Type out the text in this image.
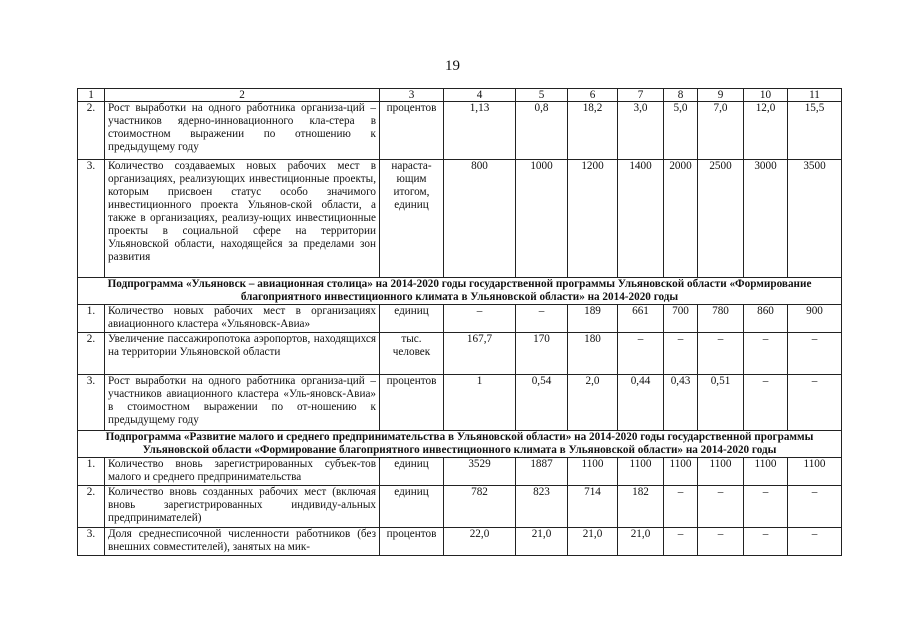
19
1	2	3	4	5	6	7	8	9	10	11
2.	Рост выработки на одного работника организа-ций – участников ядерно-инновационного кла-стера в стоимостном выражении по отношению к предыдущему году	процентов	1,13	0,8	18,2	3,0	5,0	7,0	12,0	15,5
3.	Количество создаваемых новых рабочих мест в организациях, реализующих инвестиционные проекты, которым присвоен статус особо значимого инвестиционного проекта Ульянов-ской области, а также в организациях, реализу-ющих инвестиционные проекты в социальной сфере на территории Ульяновской области, находящейся за пределами зон развития	нараста-ющим итогом, единиц	800	1000	1200	1400	2000	2500	3000	3500
Подпрограмма «Ульяновск – авиационная столица» на 2014-2020 годы государственной программы Ульяновской области «Формирование благоприятного инвестиционного климата в Ульяновской области» на 2014-2020 годы										
1.	Количество новых рабочих мест в организациях авиационного кластера «Ульяновск-Авиа»	единиц	–	–	189	661	700	780	860	900
2.	Увеличение пассажиропотока аэропортов, находящихся на территории Ульяновской области	тыс. человек	167,7	170	180	–	–	–	–	–
3.	Рост выработки на одного работника организа-ций – участников авиационного кластера «Уль-яновск-Авиа» в стоимостном выражении по от-ношению к предыдущему году	процентов	1	0,54	2,0	0,44	0,43	0,51	–	–
Подпрограмма «Развитие малого и среднего предпринимательства в Ульяновской области» на 2014-2020 годы государственной программы Ульяновской области «Формирование благоприятного инвестиционного климата в Ульяновской области» на 2014-2020 годы										
1.	Количество вновь зарегистрированных субъек-тов малого и среднего предпринимательства	единиц	3529	1887	1100	1100	1100	1100	1100	1100
2.	Количество вновь созданных рабочих мест (включая вновь зарегистрированных индивиду-альных предпринимателей)	единиц	782	823	714	182	–	–	–	–
3.	Доля среднесписочной численности работников (без внешних совместителей), занятых на мик-	процентов	22,0	21,0	21,0	21,0	–	–	–	–
